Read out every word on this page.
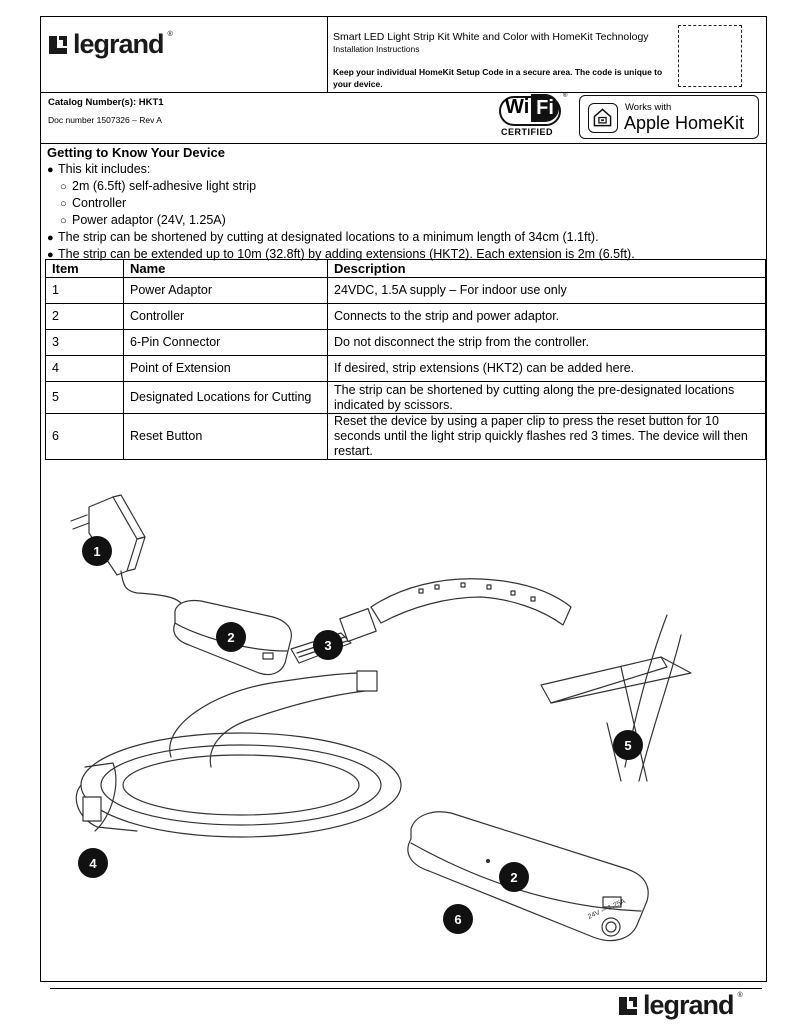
legrand ®	Smart LED Light Strip Kit White and Color with HomeKit Technology
Installation Instructions
Keep your individual HomeKit Setup Code in a secure area. The code is unique to your device.
Catalog Number(s): HKT1
Doc number 1507326 – Rev A
Wi Fi
®
CERTIFIED
Works with
Apple HomeKit
Getting to Know Your Device
● This kit includes:
○ 2m (6.5ft) self-adhesive light strip
○ Controller
○ Power adaptor (24V, 1.25A)
● The strip can be shortened by cutting at designated locations to a minimum length of 34cm (1.1ft).
● The strip can be extended up to 10m (32.8ft) by adding extensions (HKT2). Each extension is 2m (6.5ft).
Item	Name	Description
1	Power Adaptor	24VDC, 1.5A supply – For indoor use only
2	Controller	Connects to the strip and power adaptor.
3	6-Pin Connector	Do not disconnect the strip from the controller.
4	Point of Extension	If desired, strip extensions (HKT2) can be added here.
5	Designated Locations for Cutting	The strip can be shortened by cutting along the pre-designated locations indicated by scissors.
6	Reset Button	Reset the device by using a paper clip to press the reset button for 10 seconds until the light strip quickly flashes red 3 times. The device will then restart.
24V ⎓ 1.25A
1
2
3
5
4
2
6
legrand ®
